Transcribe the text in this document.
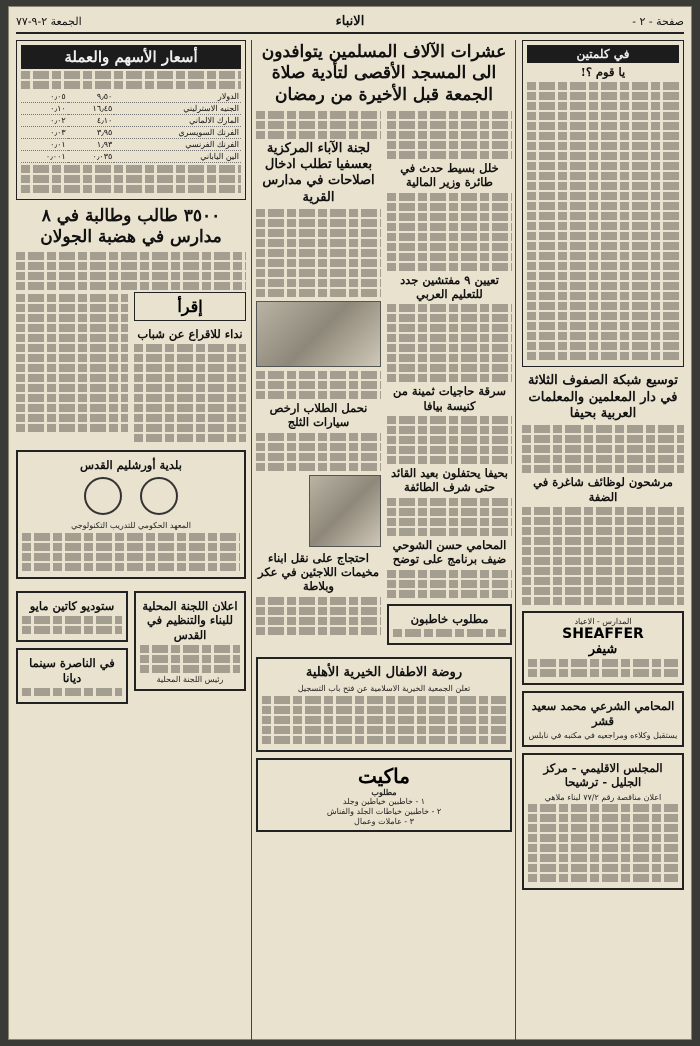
صفحة - ٢ -
الانباء
الجمعة ٢-٩-٧٧
في كلمتين
يا قوم ؟!
توسيع شبكة الصفوف الثلاثة في دار المعلمين والمعلمات العربية بحيفا
مرشحون لوظائف شاغرة في الضفة
المدارس - الاعياد
SHEAFFER
شيفر
المحامي الشرعي محمد سعيد قشر
يستقبل وكلاءه ومراجعيه في مكتبه في نابلس
المجلس الاقليمي - مركز الجليل - ترشيحا
اعلان مناقصة رقم ٧٧/٢ لبناء ملاهي
عشرات الآلاف المسلمين يتوافدون الى المسجد الأقصى لتأدية صلاة الجمعة قبل الأخيرة من رمضان
خلل بسيط حدث في طائرة وزير المالية
تعيين ٩ مفتشين جدد للتعليم العربي
سرقة حاجيات ثمينة من كنيسة بيافا
بحيفا يحتفلون بعيد القائد حتى شرف الطائفة
المحامي حسن الشوحي ضيف برنامج على توضح
مطلوب خاطبون
لجنة الآباء المركزية بعسفيا تطلب ادخال اصلاحات في مدارس القرية
نحمل الطلاب ارخص سيارات الثلج
احتجاج على نقل ابناء مخيمات اللاجئين في عكر وبلاطة
روضة الاطفال الخيرية الأهلية
تعلن الجمعية الخيرية الاسلامية عن فتح باب التسجيل
ماكيت
مطلوب
١ - خاطبين خياطين وجلد
٢ - خاطبين خياطات الجلد والفناش
٣ - عاملات وعمال
أسعار الأسهم والعملة
الدولار	٩٫٥٠	٠٫٠٥
الجنيه الاسترليني	١٦٫٤٥	٠٫١٠
المارك الالماني	٤٫١٠	٠٫٠٢
الفرنك السويسري	٣٫٩٥	٠٫٠٣
الفرنك الفرنسي	١٫٩٣	٠٫٠١
الين الياباني	٠٫٠٣٥	٠٫٠٠١
٣٥٠٠ طالب وطالبة في ٨ مدارس في هضبة الجولان
إقرأ
نداء للاقراع عن شباب
بلدية أورشليم القدس

المعهد الحكومي للتدريب التكنولوجي
اعلان اللجنة المحلية للبناء والتنظيم في القدس
رئيس اللجنة المحلية
ستوديو كاتين مايو
في الناصرة سينما ديانا
